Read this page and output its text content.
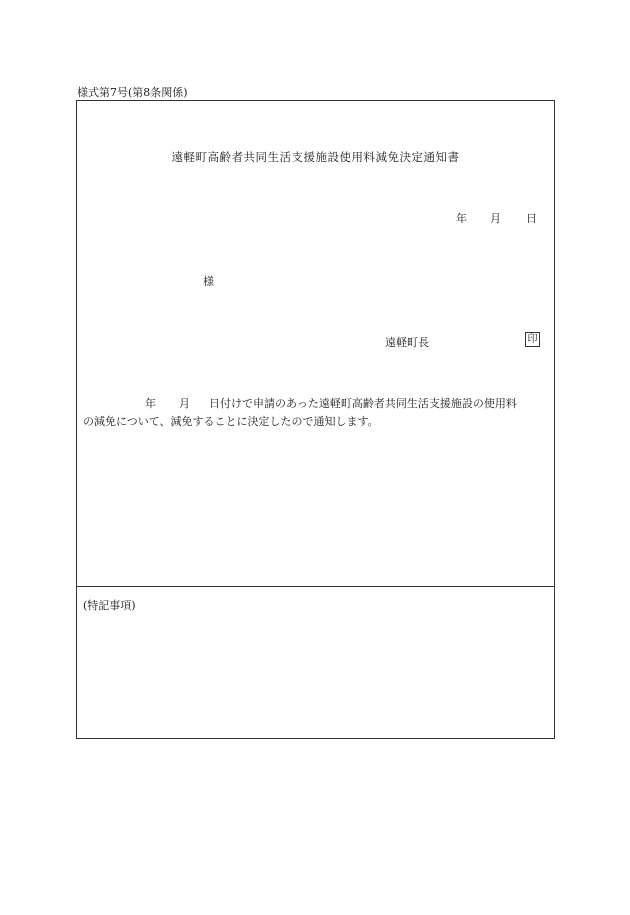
様式第7号(第8条関係)
遠軽町高齢者共同生活支援施設使用料減免決定通知書
年 月 日
様
遠軽町長	印
年 月 日付けで申請のあった遠軽町高齢者共同生活支援施設の使用料
の減免について、減免することに決定したので通知します。
(特記事項)
